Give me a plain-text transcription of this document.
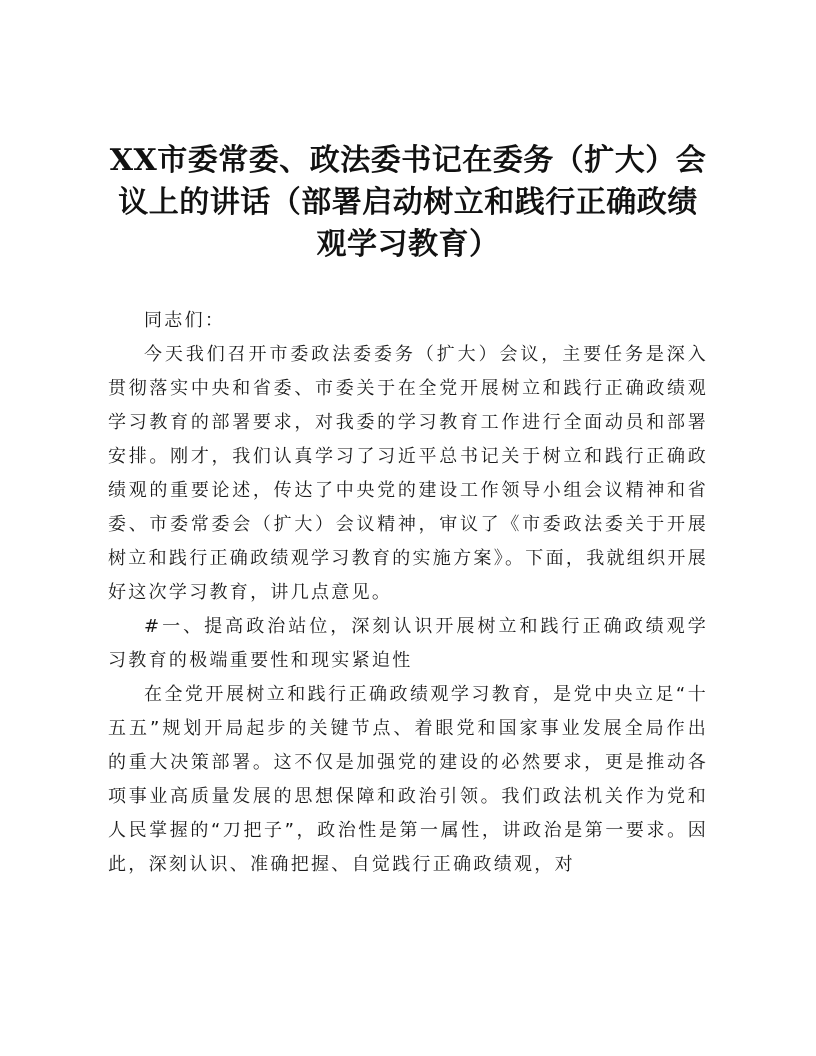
XX市委常委、政法委书记在委务（扩大）会议上的讲话（部署启动树立和践行正确政绩观学习教育）

同志们：

今天我们召开市委政法委委务（扩大）会议，主要任务是深入贯彻落实中央和省委、市委关于在全党开展树立和践行正确政绩观学习教育的部署要求，对我委的学习教育工作进行全面动员和部署安排。刚才，我们认真学习了习近平总书记关于树立和践行正确政绩观的重要论述，传达了中央党的建设工作领导小组会议精神和省委、市委常委会（扩大）会议精神，审议了《市委政法委关于开展树立和践行正确政绩观学习教育的实施方案》。下面，我就组织开展好这次学习教育，讲几点意见。

#一、提高政治站位，深刻认识开展树立和践行正确政绩观学习教育的极端重要性和现实紧迫性

在全党开展树立和践行正确政绩观学习教育，是党中央立足“十五五”规划开局起步的关键节点、着眼党和国家事业发展全局作出的重大决策部署。这不仅是加强党的建设的必然要求，更是推动各项事业高质量发展的思想保障和政治引领。我们政法机关作为党和人民掌握的“刀把子”，政治性是第一属性，讲政治是第一要求。因此，深刻认识、准确把握、自觉践行正确政绩观，对
